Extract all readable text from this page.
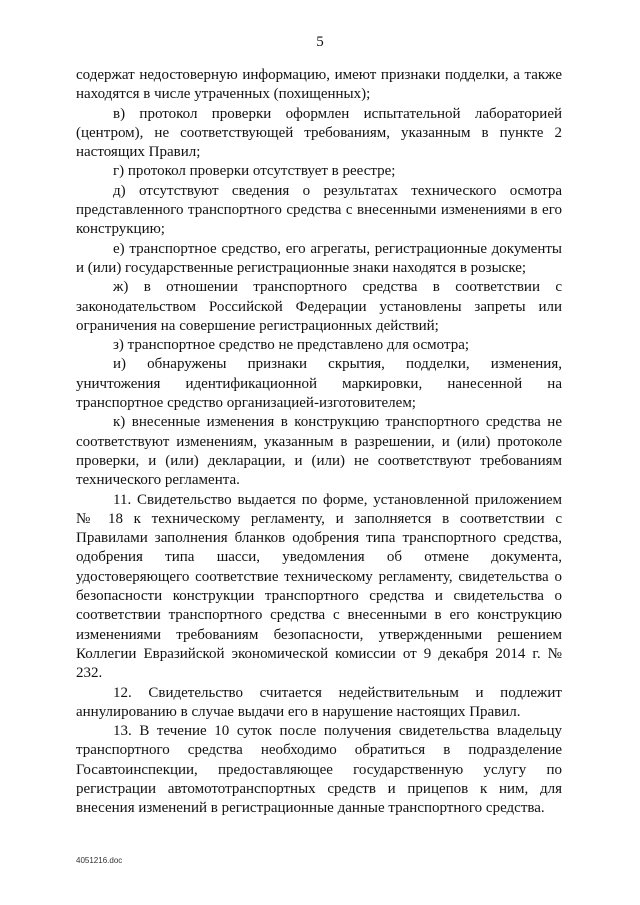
5

содержат недостоверную информацию, имеют признаки подделки, а также находятся в числе утраченных (похищенных);

в) протокол проверки оформлен испытательной лабораторией (центром), не соответствующей требованиям, указанным в пункте 2 настоящих Правил;

г) протокол проверки отсутствует в реестре;

д) отсутствуют сведения о результатах технического осмотра представленного транспортного средства с внесенными изменениями в его конструкцию;

е) транспортное средство, его агрегаты, регистрационные документы и (или) государственные регистрационные знаки находятся в розыске;

ж) в отношении транспортного средства в соответствии с законодательством Российской Федерации установлены запреты или ограничения на совершение регистрационных действий;

з) транспортное средство не представлено для осмотра;

и) обнаружены признаки скрытия, подделки, изменения, уничтожения идентификационной маркировки, нанесенной на транспортное средство организацией-изготовителем;

к) внесенные изменения в конструкцию транспортного средства не соответствуют изменениям, указанным в разрешении, и (или) протоколе проверки, и (или) декларации, и (или) не соответствуют требованиям технического регламента.

11. Свидетельство выдается по форме, установленной приложением № 18 к техническому регламенту, и заполняется в соответствии с Правилами заполнения бланков одобрения типа транспортного средства, одобрения типа шасси, уведомления об отмене документа, удостоверяющего соответствие техническому регламенту, свидетельства о безопасности конструкции транспортного средства и свидетельства о соответствии транспортного средства с внесенными в его конструкцию изменениями требованиям безопасности, утвержденными решением Коллегии Евразийской экономической комиссии от 9 декабря 2014 г. № 232.

12. Свидетельство считается недействительным и подлежит аннулированию в случае выдачи его в нарушение настоящих Правил.

13. В течение 10 суток после получения свидетельства владельцу транспортного средства необходимо обратиться в подразделение Госавтоинспекции, предоставляющее государственную услугу по регистрации автомототранспортных средств и прицепов к ним, для внесения изменений в регистрационные данные транспортного средства.

4051216.doc
